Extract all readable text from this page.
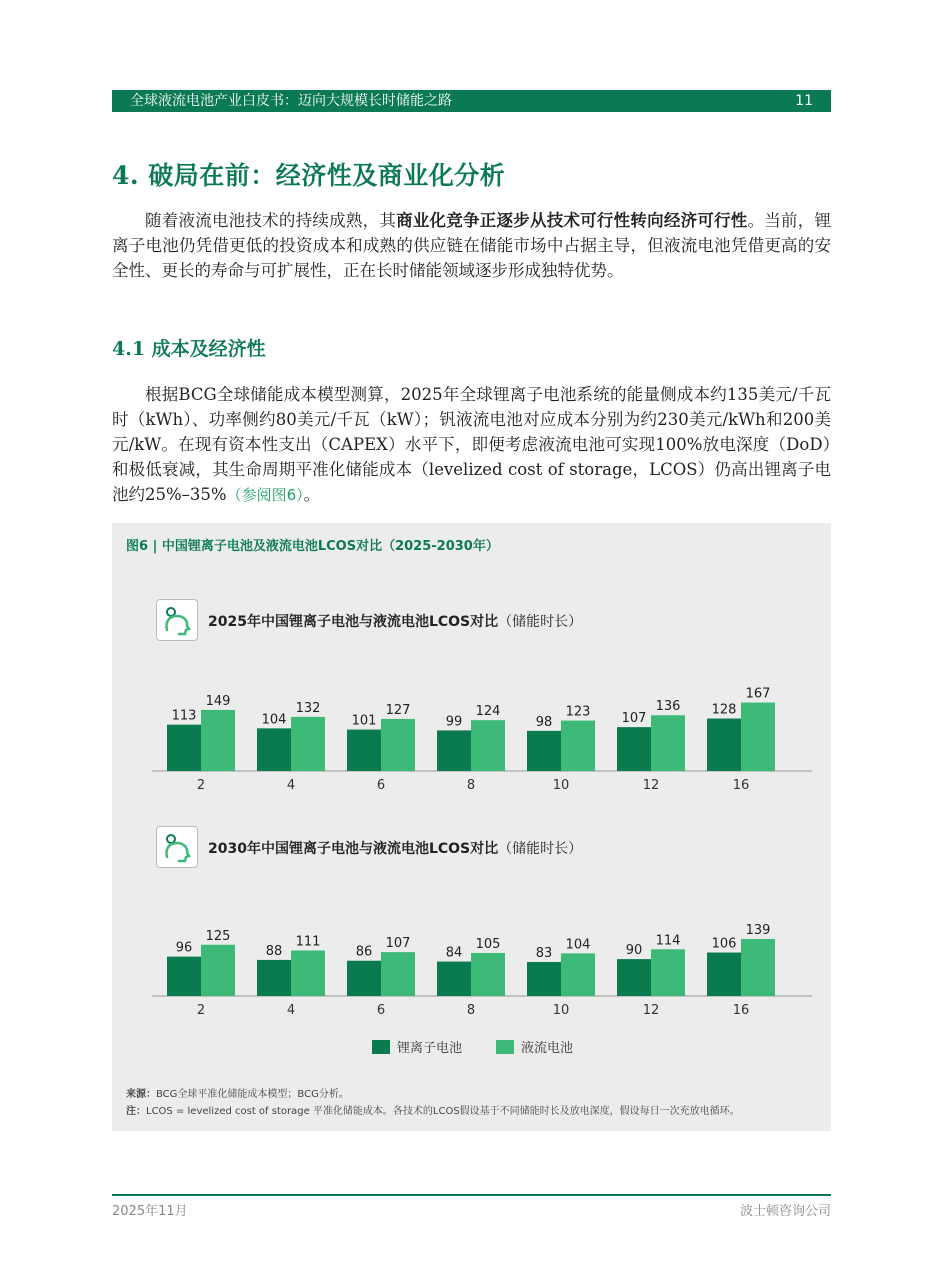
全球液流电池产业白皮书：迈向大规模长时储能之路	11
4. 破局在前：经济性及商业化分析

随着液流电池技术的持续成熟，其商业化竞争正逐步从技术可行性转向经济可行性。当前，锂离子电池仍凭借更低的投资成本和成熟的供应链在储能市场中占据主导，但液流电池凭借更高的安全性、更长的寿命与可扩展性，正在长时储能领域逐步形成独特优势。

4.1 成本及经济性

根据BCG全球储能成本模型测算，2025年全球锂离子电池系统的能量侧成本约135美元/千瓦时（kWh）、功率侧约80美元/千瓦（kW）；钒液流电池对应成本分别为约230美元/kWh和200美元/kW。在现有资本性支出（CAPEX）水平下，即便考虑液流电池可实现100%放电深度（DoD）和极低衰减，其生命周期平准化储能成本（levelized cost of storage，LCOS）仍高出锂离子电池约25%–35%（参阅图6）。

图6 | 中国锂离子电池及液流电池LCOS对比（2025-2030年）
2025年中国锂离子电池与液流电池LCOS对比（储能时长）
113
149
2
104
132
4
101
127
6
99
124
8
98
123
10
107
136
12
128
167
16
2030年中国锂离子电池与液流电池LCOS对比（储能时长）
96
125
2
88
111
4
86
107
6
84
105
8
83
104
10
90
114
12
106
139
16
锂离子电池	液流电池
来源：BCG全球平准化储能成本模型；BCG分析。
注：LCOS = levelized cost of storage 平准化储能成本。各技术的LCOS假设基于不同储能时长及放电深度，假设每日一次充放电循环。
2025年11月	波士顿咨询公司
